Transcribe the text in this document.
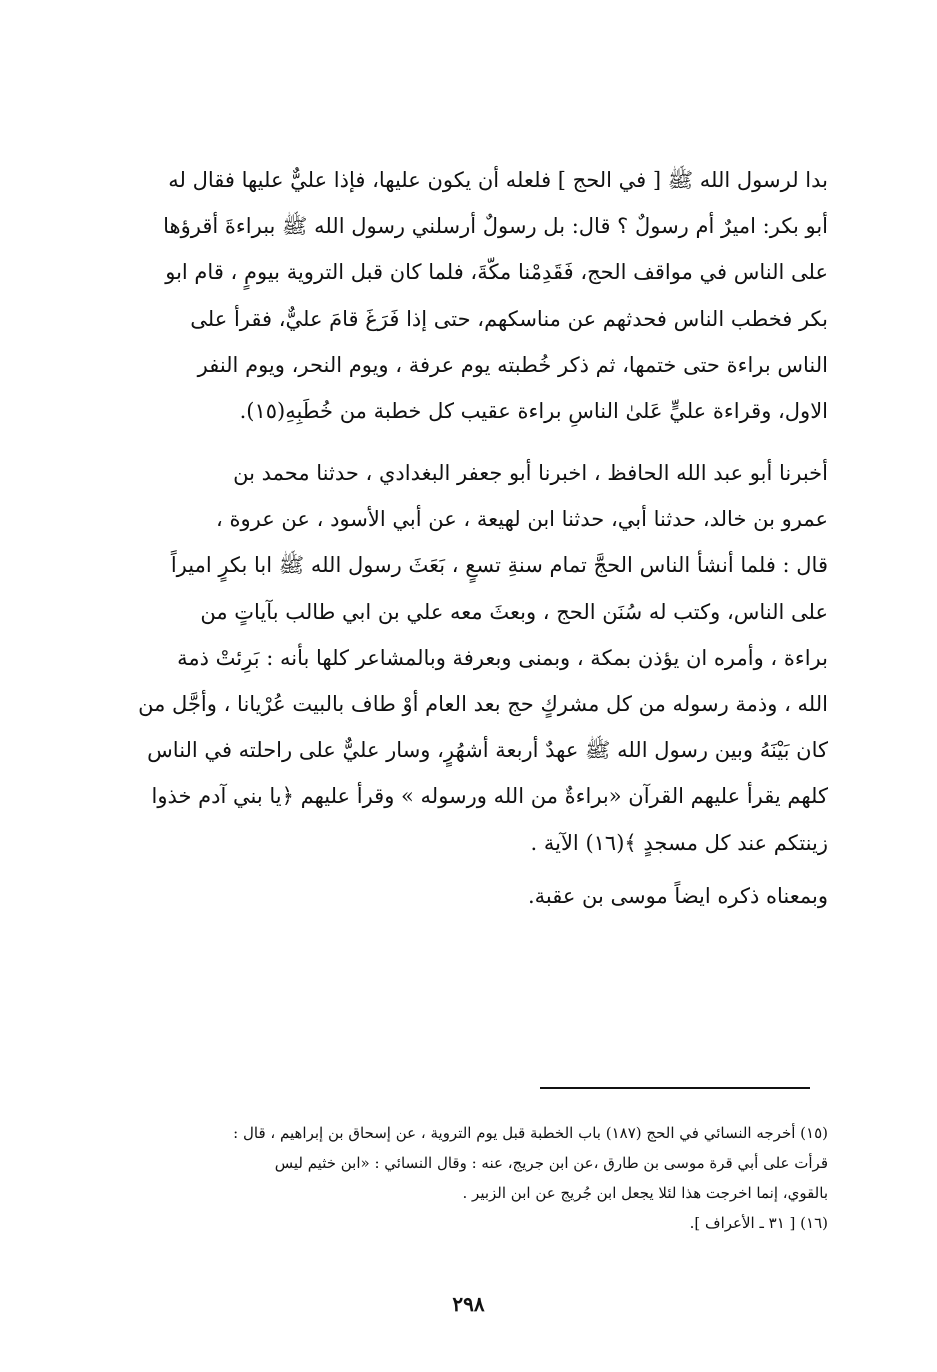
بدا لرسول الله ﷺ [ في الحج ] فلعله أن يكون عليها، فإذا عليٌّ عليها فقال له
أبو بكر: اميرٌ أم رسولٌ ؟ قال: بل رسولٌ أرسلني رسول الله ﷺ ببراءةَ أقرؤها
على الناس في مواقف الحج، فَقَدِمْنا مكّةَ، فلما كان قبل التروية بيومٍ ، قام ابو
بكر فخطب الناس فحدثهم عن مناسكهم، حتى إذا فَرَغَ قامَ عليٌّ، فقرأ على
الناس براءة حتى ختمها، ثم ذكر خُطبته يوم عرفة ، ويوم النحر، ويوم النفر
الاول، وقراءة عليٍّ عَلىٰ الناسِ براءة عقيب كل خطبة من خُطَبِهِ(١٥).

أخبرنا أبو عبد الله الحافظ ، اخبرنا أبو جعفر البغدادي ، حدثنا محمد بن
عمرو بن خالد، حدثنا أبي، حدثنا ابن لهيعة ، عن أبي الأسود ، عن عروة ،
قال : فلما أنشأ الناس الحجَّ تمام سنةِ تسعٍ ، بَعَثَ رسول الله ﷺ ابا بكرٍ اميراً
على الناس، وكتب له سُنَن الحج ، وبعثَ معه علي بن ابي طالب بآياتٍ من
براءة ، وأمره ان يؤذن بمكة ، وبمنى وبعرفة وبالمشاعر كلها بأنه : بَرِئتْ ذمة
الله ، وذمة رسوله من كل مشركٍ حج بعد العام أوْ طاف بالبيت عُرْيانا ، وأجَّل من
كان بَيْنَهُ وبين رسول الله ﷺ عهدٌ أربعة أشهُرٍ، وسار عليٌّ على راحلته في الناس
كلهم يقرأ عليهم القرآن «براءةٌ من الله ورسوله » وقرأ عليهم ﴿يا بني آدم خذوا
زينتكم عند كل مسجدٍ ﴾(١٦) الآية .

وبمعناه ذكره ايضاً موسى بن عقبة.

(١٥) أخرجه النسائي في الحج (١٨٧) باب الخطبة قبل يوم التروية ، عن إسحاق بن إبراهيم ، قال :
قرأت على أبي قرة موسى بن طارق ،عن ابن جريج، عنه : وقال النسائي : «ابن خثيم ليس
بالقوي، إنما اخرجت هذا لئلا يجعل ابن جُريج عن ابن الزبير .

(١٦) [ ٣١ ـ الأعراف ].

٢٩٨
